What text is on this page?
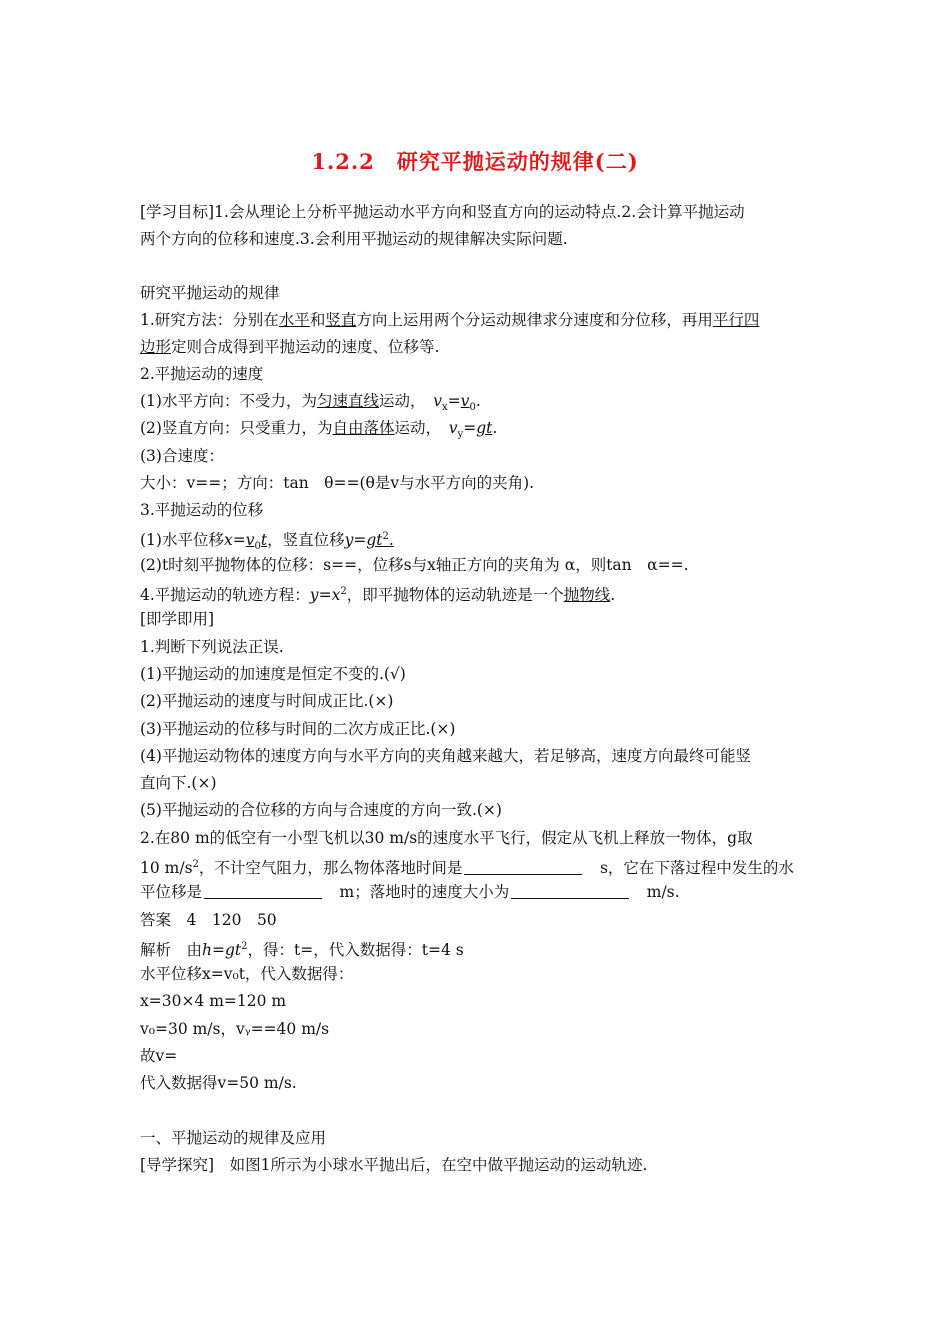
1.2.2　研究平抛运动的规律(二)
[学习目标]1.会从理论上分析平抛运动水平方向和竖直方向的运动特点.2.会计算平抛运动
两个方向的位移和速度.3.会利用平抛运动的规律解决实际问题.
研究平抛运动的规律
1.研究方法：分别在水平和竖直方向上运用两个分运动规律求分速度和分位移，再用平行四
边形定则合成得到平抛运动的速度、位移等.
2.平抛运动的速度
(1)水平方向：不受力，为匀速直线运动，　 $v_x=v_0$.
(2)竖直方向：只受重力，为自由落体运动，　 $v_y=gt$.
(3)合速度：
大小：v==；方向：tan　θ==(θ是v与水平方向的夹角).
3.平抛运动的位移
(1)水平位移$x=v_0t$，竖直位移$y=gt^2$.
(2)t时刻平抛物体的位移：s==，位移s与x轴正方向的夹角为 α，则tan　α==.
4.平抛运动的轨迹方程：$y=x^2$，即平抛物体的运动轨迹是一个抛物线.
[即学即用]
1.判断下列说法正误.
(1)平抛运动的加速度是恒定不变的.(√)
(2)平抛运动的速度与时间成正比.(×)
(3)平抛运动的位移与时间的二次方成正比.(×)
(4)平抛运动物体的速度方向与水平方向的夹角越来越大，若足够高，速度方向最终可能竖
直向下.(×)
(5)平抛运动的合位移的方向与合速度的方向一致.(×)
2.在80 m的低空有一小型飞机以30 m/s的速度水平飞行，假定从飞机上释放一物体，g取
10 $m/s^2$，不计空气阻力，那么物体落地时间是　	s，它在下落过程中发生的水
平位移是　	m；落地时的速度大小为　	m/s.
答案　4　120　50
解析　由$h=gt^2$，得：t=，代入数据得：t=4 s
水平位移x=v₀t，代入数据得：
x=30×4 m=120 m
v₀=30 m/s，vᵧ==40 m/s
故v=
代入数据得v=50 m/s.
一、平抛运动的规律及应用
[导学探究]　如图1所示为小球水平抛出后，在空中做平抛运动的运动轨迹.
